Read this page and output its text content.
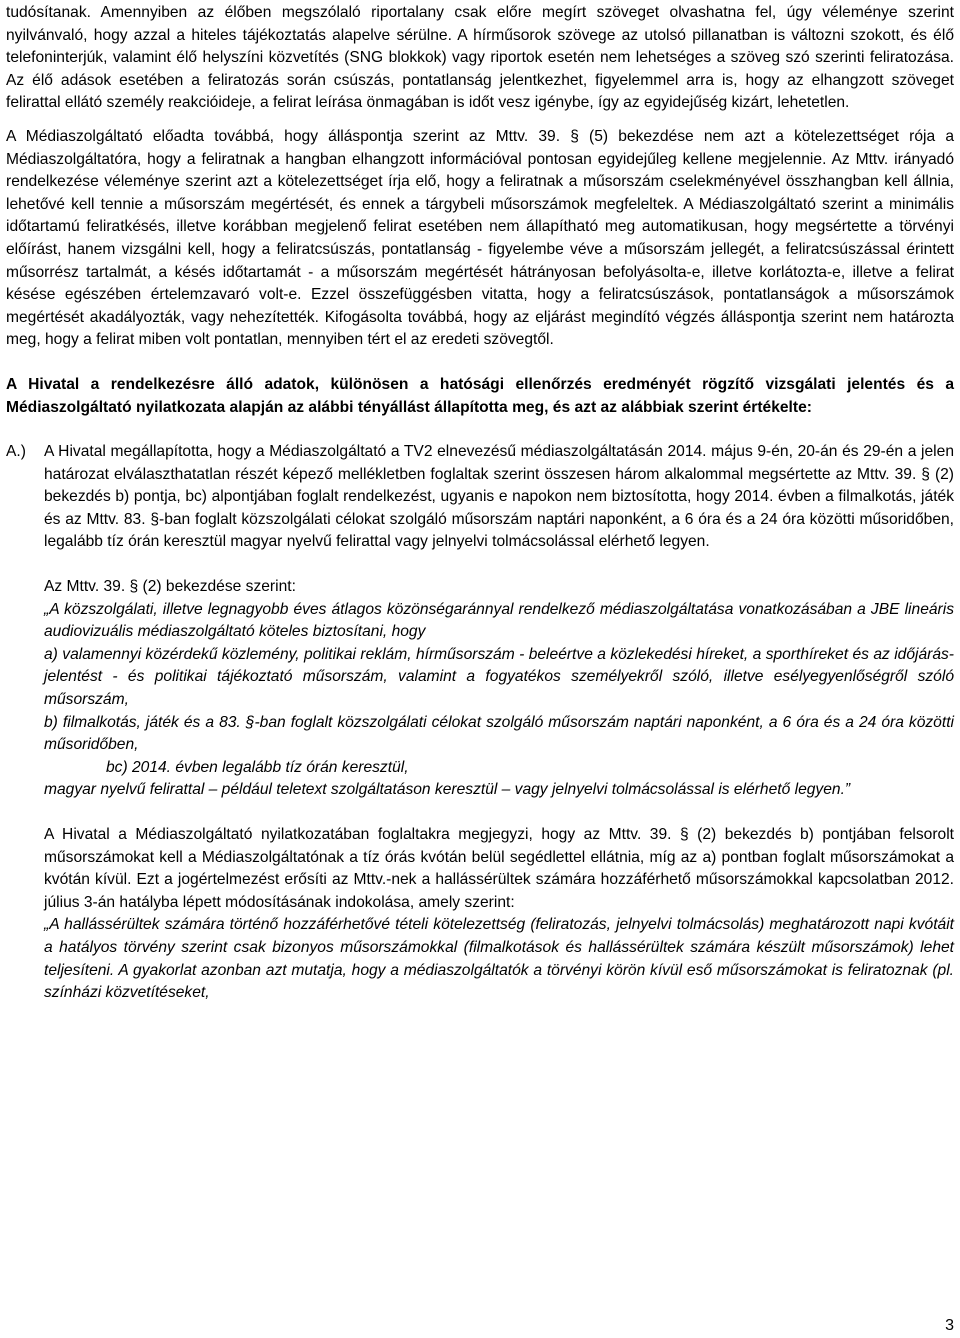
tudósítanak. Amennyiben az élőben megszólaló riportalany csak előre megírt szöveget olvashatna fel, úgy véleménye szerint nyilvánvaló, hogy azzal a hiteles tájékoztatás alapelve sérülne. A hírműsorok szövege az utolsó pillanatban is változni szokott, és élő telefoninterjúk, valamint élő helyszíni közvetítés (SNG blokkok) vagy riportok esetén nem lehetséges a szöveg szó szerinti feliratozása. Az élő adások esetében a feliratozás során csúszás, pontatlanság jelentkezhet, figyelemmel arra is, hogy az elhangzott szöveget felirattal ellátó személy reakcióideje, a felirat leírása önmagában is időt vesz igénybe, így az egyidejűség kizárt, lehetetlen.

A Médiaszolgáltató előadta továbbá, hogy álláspontja szerint az Mttv. 39. § (5) bekezdése nem azt a kötelezettséget rója a Médiaszolgáltatóra, hogy a feliratnak a hangban elhangzott információval pontosan egyidejűleg kellene megjelennie. Az Mttv. irányadó rendelkezése véleménye szerint azt a kötelezettséget írja elő, hogy a feliratnak a műsorszám cselekményével összhangban kell állnia, lehetővé kell tennie a műsorszám megértését, és ennek a tárgybeli műsorszámok megfeleltek. A Médiaszolgáltató szerint a minimális időtartamú feliratkésés, illetve korábban megjelenő felirat esetében nem állapítható meg automatikusan, hogy megsértette a törvényi előírást, hanem vizsgálni kell, hogy a feliratcsúszás, pontatlanság - figyelembe véve a műsorszám jellegét, a feliratcsúszással érintett műsorrész tartalmát, a késés időtartamát - a műsorszám megértését hátrányosan befolyásolta-e, illetve korlátozta-e, illetve a felirat késése egészében értelemzavaró volt-e. Ezzel összefüggésben vitatta, hogy a feliratcsúszások, pontatlanságok a műsorszámok megértését akadályozták, vagy nehezítették. Kifogásolta továbbá, hogy az eljárást megindító végzés álláspontja szerint nem határozta meg, hogy a felirat miben volt pontatlan, mennyiben tért el az eredeti szövegtől.

A Hivatal a rendelkezésre álló adatok, különösen a hatósági ellenőrzés eredményét rögzítő vizsgálati jelentés és a Médiaszolgáltató nyilatkozata alapján az alábbi tényállást állapította meg, és azt az alábbiak szerint értékelte:

A.)	A Hivatal megállapította, hogy a Médiaszolgáltató a TV2 elnevezésű médiaszolgáltatásán 2014. május 9-én, 20-án és 29-én a jelen határozat elválaszthatatlan részét képező mellékletben foglaltak szerint összesen három alkalommal megsértette az Mttv. 39. § (2) bekezdés b) pontja, bc) alpontjában foglalt rendelkezést, ugyanis e napokon nem biztosította, hogy 2014. évben a filmalkotás, játék és az Mttv. 83. §-ban foglalt közszolgálati célokat szolgáló műsorszám naptári naponként, a 6 óra és a 24 óra közötti műsoridőben, legalább tíz órán keresztül magyar nyelvű felirattal vagy jelnyelvi tolmácsolással elérhető legyen.

Az Mttv. 39. § (2) bekezdése szerint:

„A közszolgálati, illetve legnagyobb éves átlagos közönségaránnyal rendelkező médiaszolgáltatása vonatkozásában a JBE lineáris audiovizuális médiaszolgáltató köteles biztosítani, hogy

a) valamennyi közérdekű közlemény, politikai reklám, hírműsorszám - beleértve a közlekedési híreket, a sporthíreket és az időjárás-jelentést - és politikai tájékoztató műsorszám, valamint a fogyatékos személyekről szóló, illetve esélyegyenlőségről szóló műsorszám,

b) filmalkotás, játék és a 83. §-ban foglalt közszolgálati célokat szolgáló műsorszám naptári naponként, a 6 óra és a 24 óra közötti műsoridőben,

bc) 2014. évben legalább tíz órán keresztül,

magyar nyelvű felirattal – például teletext szolgáltatáson keresztül – vagy jelnyelvi tolmácsolással is elérhető legyen.”

A Hivatal a Médiaszolgáltató nyilatkozatában foglaltakra megjegyzi, hogy az Mttv. 39. § (2) bekezdés b) pontjában felsorolt műsorszámokat kell a Médiaszolgáltatónak a tíz órás kvótán belül segédlettel ellátnia, míg az a) pontban foglalt műsorszámokat a kvótán kívül. Ezt a jogértelmezést erősíti az Mttv.-nek a hallássérültek számára hozzáférhető műsorszámokkal kapcsolatban 2012. július 3-án hatályba lépett módosításának indokolása, amely szerint:

„A hallássérültek számára történő hozzáférhetővé tételi kötelezettség (feliratozás, jelnyelvi tolmácsolás) meghatározott napi kvótáit a hatályos törvény szerint csak bizonyos műsorszámokkal (filmalkotások és hallássérültek számára készült műsorszámok) lehet teljesíteni. A gyakorlat azonban azt mutatja, hogy a médiaszolgáltatók a törvényi körön kívül eső műsorszámokat is feliratoznak (pl. színházi közvetítéseket,

3
